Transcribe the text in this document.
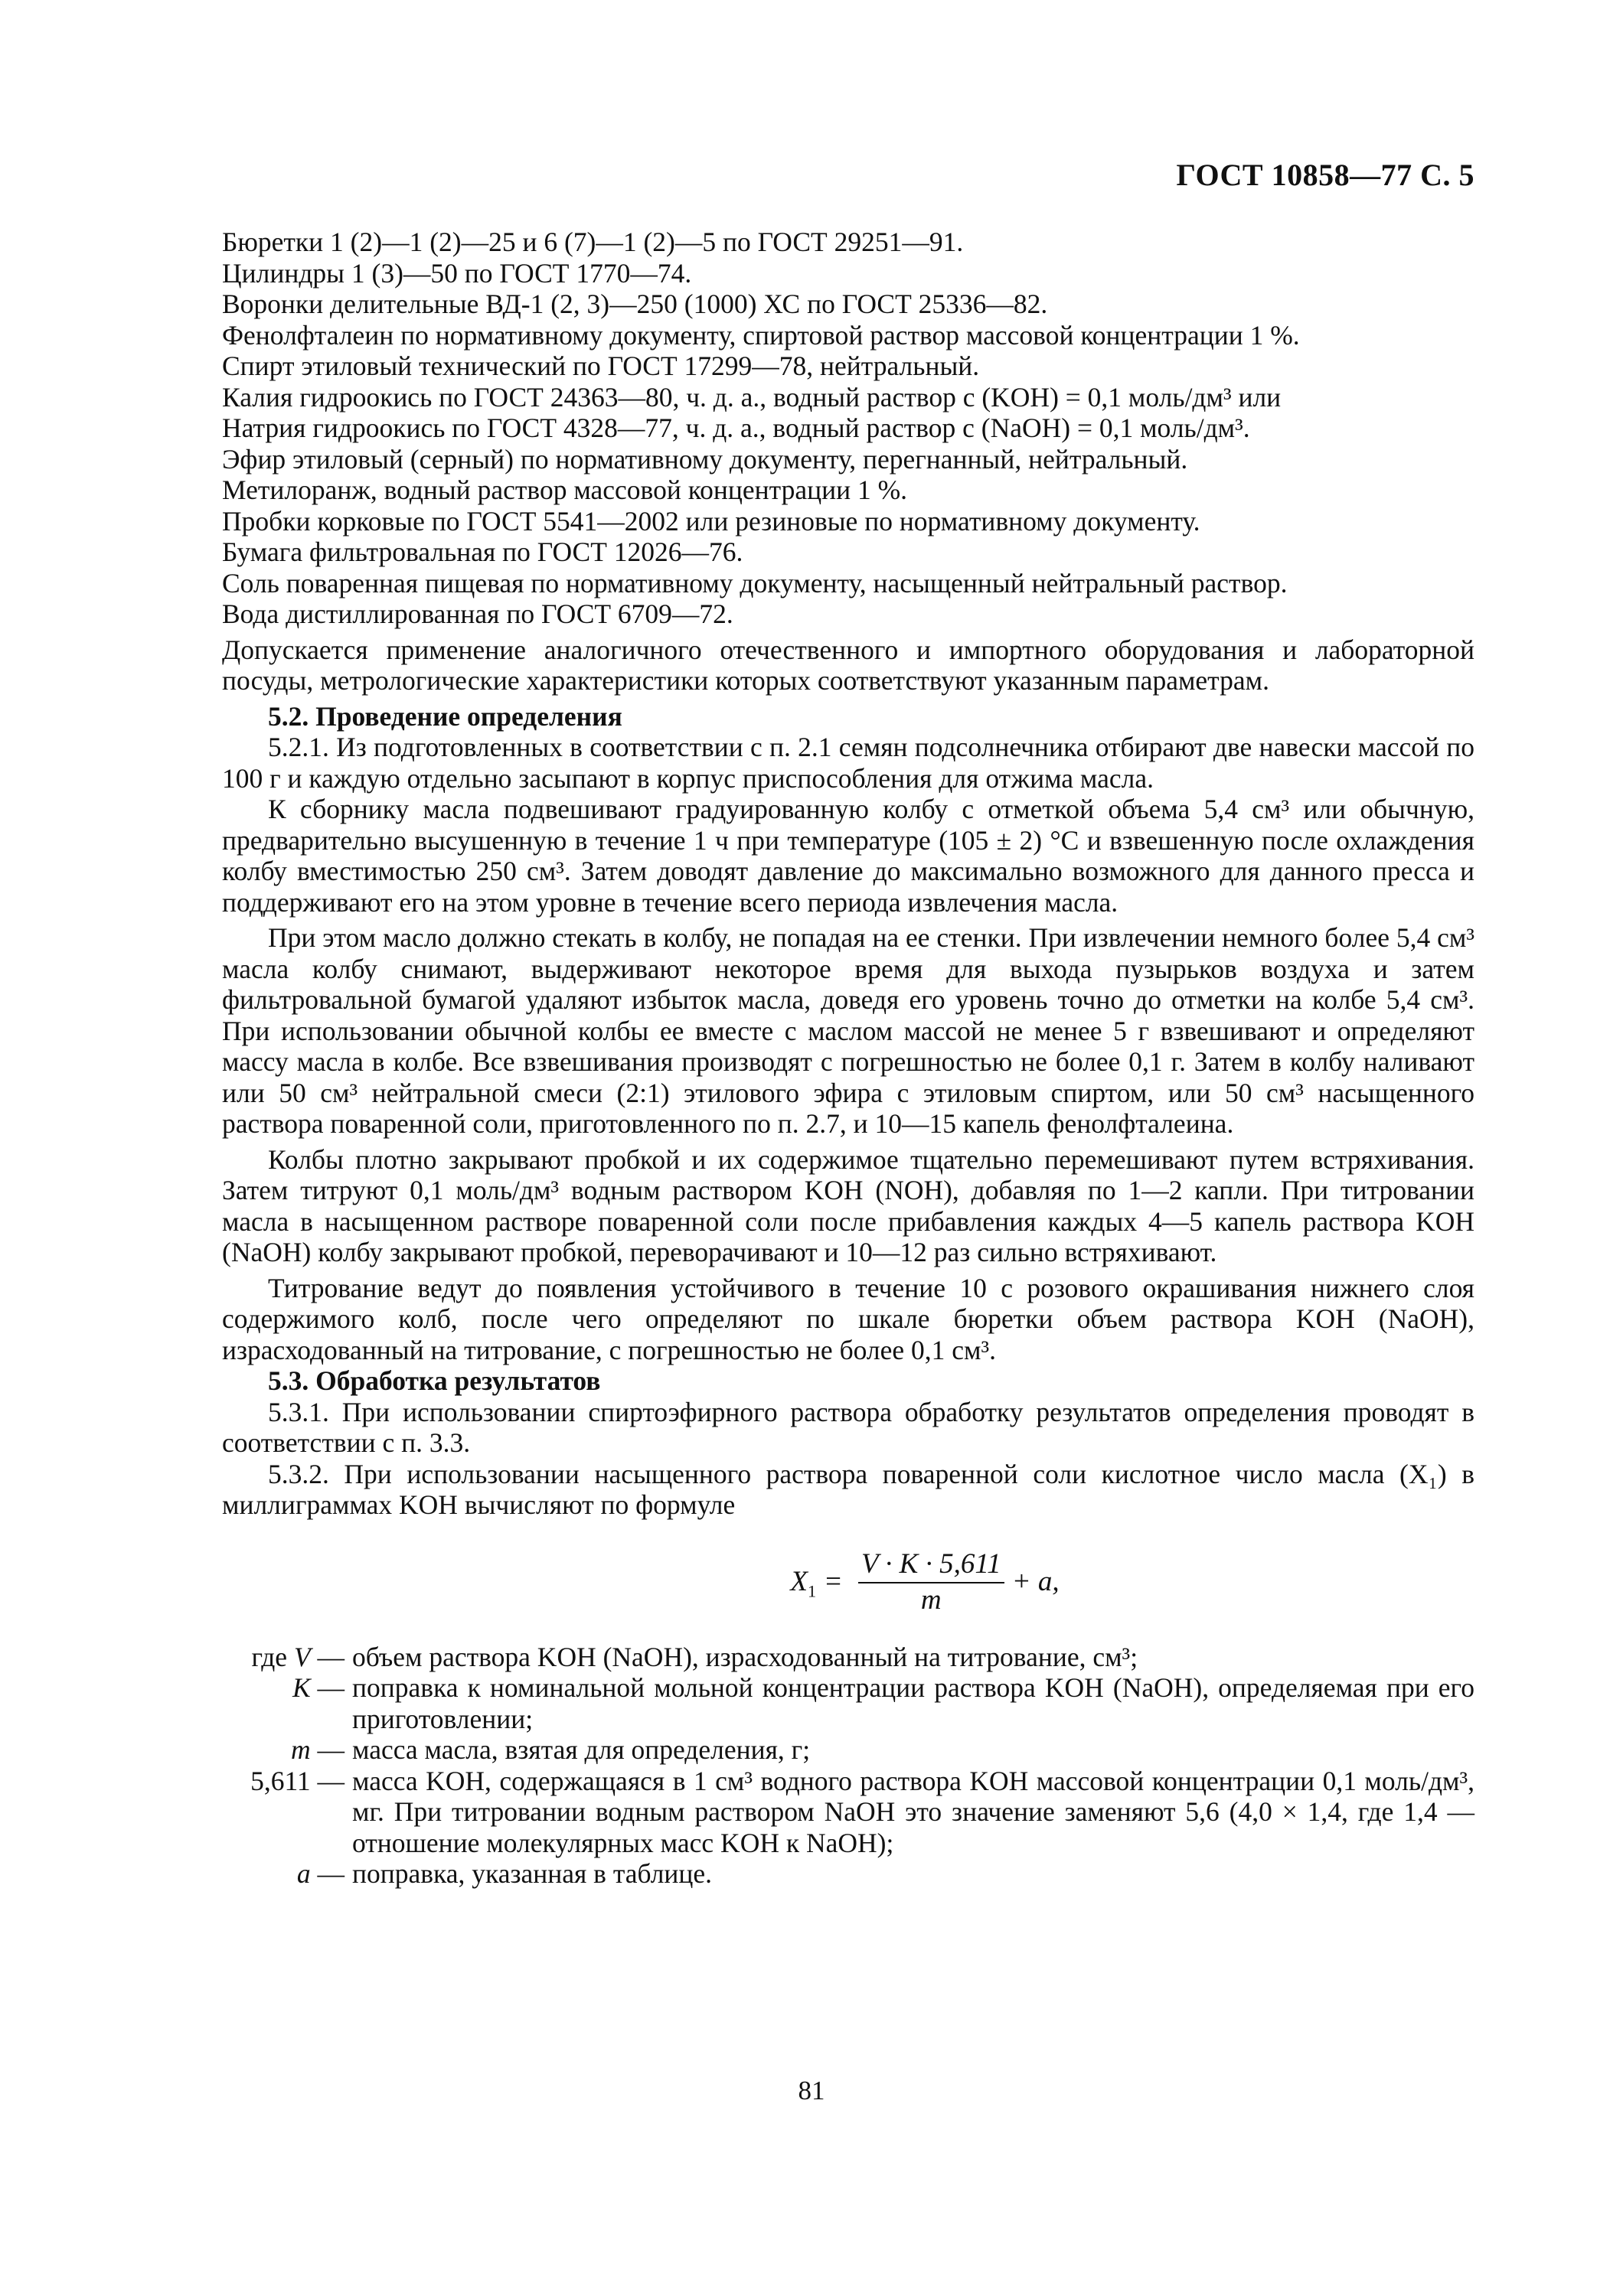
ГОСТ 10858—77 С. 5
Бюретки 1 (2)—1 (2)—25 и 6 (7)—1 (2)—5 по ГОСТ 29251—91.
Цилиндры 1 (3)—50 по ГОСТ 1770—74.
Воронки делительные ВД-1 (2, 3)—250 (1000) ХС по ГОСТ 25336—82.
Фенолфталеин по нормативному документу, спиртовой раствор массовой концентрации 1 %.
Спирт этиловый технический по ГОСТ 17299—78, нейтральный.
Калия гидроокись по ГОСТ 24363—80, ч. д. а., водный раствор c (KOH) = 0,1 моль/дм³ или
Натрия гидроокись по ГОСТ 4328—77, ч. д. а., водный раствор c (NaOH) = 0,1 моль/дм³.
Эфир этиловый (серный) по нормативному документу, перегнанный, нейтральный.
Метилоранж, водный раствор массовой концентрации 1 %.
Пробки корковые по ГОСТ 5541—2002 или резиновые по нормативному документу.
Бумага фильтровальная по ГОСТ 12026—76.
Соль поваренная пищевая по нормативному документу, насыщенный нейтральный раствор.
Вода дистиллированная по ГОСТ 6709—72.

Допускается применение аналогичного отечественного и импортного оборудования и лабораторной посуды, метрологические характеристики которых соответствуют указанным параметрам.

5.2. Проведение определения

5.2.1. Из подготовленных в соответствии с п. 2.1 семян подсолнечника отбирают две навески массой по 100 г и каждую отдельно засыпают в корпус приспособления для отжима масла.

К сборнику масла подвешивают градуированную колбу с отметкой объема 5,4 см³ или обычную, предварительно высушенную в течение 1 ч при температуре (105 ± 2) °С и взвешенную после охлаждения колбу вместимостью 250 см³. Затем доводят давление до максимально возможного для данного пресса и поддерживают его на этом уровне в течение всего периода извлечения масла.

При этом масло должно стекать в колбу, не попадая на ее стенки. При извлечении немного более 5,4 см³ масла колбу снимают, выдерживают некоторое время для выхода пузырьков воздуха и затем фильтровальной бумагой удаляют избыток масла, доведя его уровень точно до отметки на колбе 5,4 см³. При использовании обычной колбы ее вместе с маслом массой не менее 5 г взвешивают и определяют массу масла в колбе. Все взвешивания производят с погрешностью не более 0,1 г. Затем в колбу наливают или 50 см³ нейтральной смеси (2:1) этилового эфира с этиловым спиртом, или 50 см³ насыщенного раствора поваренной соли, приготовленного по п. 2.7, и 10—15 капель фенолфталеина.

Колбы плотно закрывают пробкой и их содержимое тщательно перемешивают путем встряхивания. Затем титруют 0,1 моль/дм³ водным раствором KOH (NOH), добавляя по 1—2 капли. При титровании масла в насыщенном растворе поваренной соли после прибавления каждых 4—5 капель раствора KOH (NaOH) колбу закрывают пробкой, переворачивают и 10—12 раз сильно встряхивают.

Титрование ведут до появления устойчивого в течение 10 с розового окрашивания нижнего слоя содержимого колб, после чего определяют по шкале бюретки объем раствора KOH (NaOH), израсходованный на титрование, с погрешностью не более 0,1 см³.

5.3. Обработка результатов

5.3.1. При использовании спиртоэфирного раствора обработку результатов определения проводят в соответствии с п. 3.3.

5.3.2. При использовании насыщенного раствора поваренной соли кислотное число масла (X₁) в миллиграммах KOH вычисляют по формуле

$X_1 = \frac{V \cdot K \cdot 5,611}{m} + a$,
где V — объем раствора KOH (NaOH), израсходованный на титрование, см³;
K — поправка к номинальной мольной концентрации раствора KOH (NaOH), определяемая при его приготовлении;
m — масса масла, взятая для определения, г;
5,611 — масса KOH, содержащаяся в 1 см³ водного раствора KOH массовой концентрации 0,1 моль/дм³, мг. При титровании водным раствором NaOH это значение заменяют 5,6 (4,0 × 1,4, где 1,4 — отношение молекулярных масс KOH к NaOH);
a — поправка, указанная в таблице.
81
